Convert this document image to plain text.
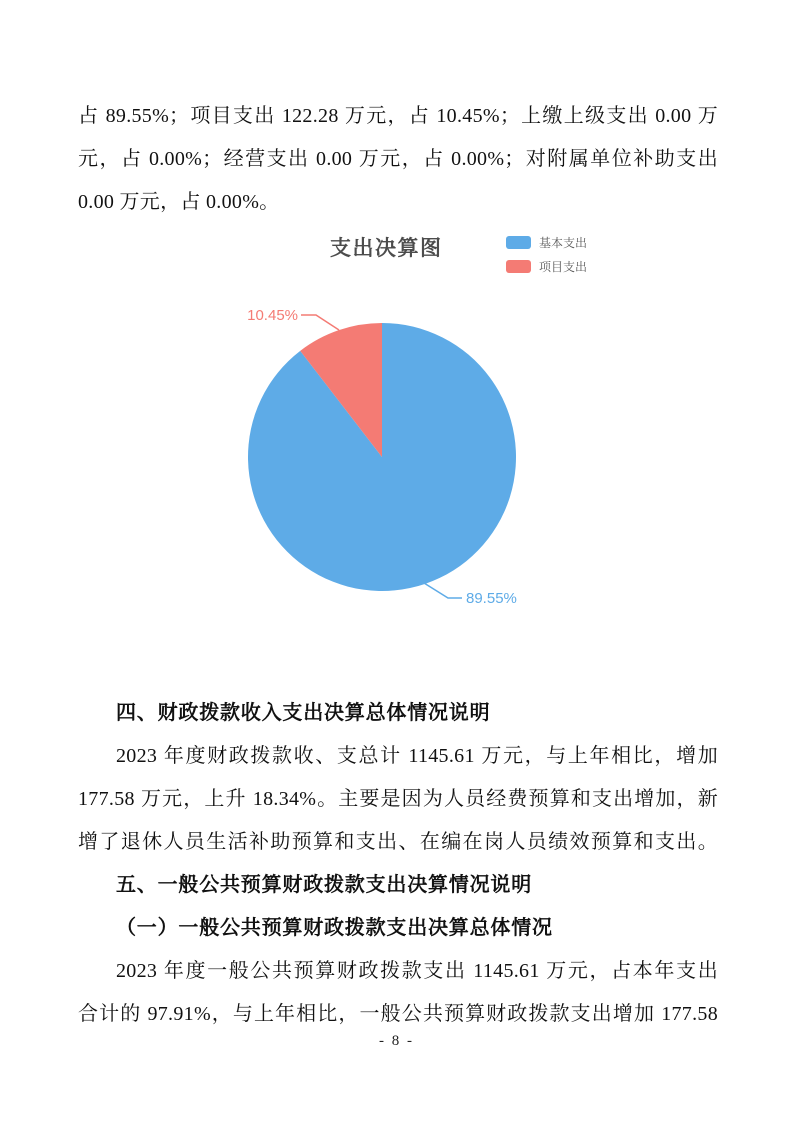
占 89.55%；项目支出 122.28 万元，占 10.45%；上缴上级支出 0.00 万
元，占 0.00%；经营支出 0.00 万元，占 0.00%；对附属单位补助支出
0.00 万元，占 0.00%。
支出决算图	基本支出
项目支出
10.45%
89.55%
四、财政拨款收入支出决算总体情况说明
2023 年度财政拨款收、支总计 1145.61 万元，与上年相比，增加
177.58 万元，上升 18.34%。主要是因为人员经费预算和支出增加，新
增了退休人员生活补助预算和支出、在编在岗人员绩效预算和支出。
五、一般公共预算财政拨款支出决算情况说明
（一）一般公共预算财政拨款支出决算总体情况
2023 年度一般公共预算财政拨款支出 1145.61 万元，占本年支出
合计的 97.91%，与上年相比，一般公共预算财政拨款支出增加 177.58
- 8 -
